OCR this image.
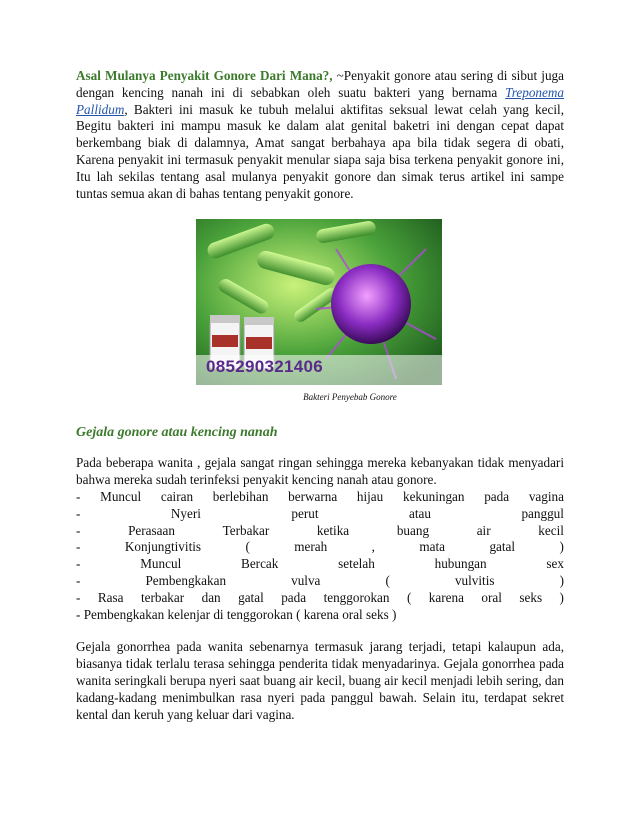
Asal Mulanya Penyakit Gonore Dari Mana?, ~Penyakit gonore atau sering di sibut juga dengan kencing nanah ini di sebabkan oleh suatu bakteri yang bernama Treponema Pallidum, Bakteri ini masuk ke tubuh melalui aktifitas seksual lewat celah yang kecil, Begitu bakteri ini mampu masuk ke dalam alat genital baketri ini dengan cepat dapat berkembang biak di dalamnya, Amat sangat berbahaya apa bila tidak segera di obati, Karena penyakit ini termasuk penyakit menular siapa saja bisa terkena penyakit gonore ini, Itu lah sekilas tentang asal mulanya penyakit gonore dan simak terus artikel ini sampe tuntas semua akan di bahas tentang penyakit gonore.

085290321406
Bakteri Penyebab Gonore
Gejala gonore atau kencing nanah

Pada beberapa wanita , gejala sangat ringan sehingga mereka kebanyakan tidak menyadari bahwa mereka sudah terinfeksi penyakit kencing nanah atau gonore.

- Muncul cairan berlebihan berwarna hijau kekuningan pada vagina
-	Nyeri	perut	atau	panggul
-	Perasaan	Terbakar	ketika	buang	air	kecil
-	Konjungtivitis	(	merah	,	mata	gatal	)
-	Muncul	Bercak	setelah	hubungan	sex
-	Pembengkakan	vulva	(	vulvitis	)
- Rasa terbakar dan gatal pada tenggorokan ( karena oral seks )
- Pembengkakan kelenjar di tenggorokan ( karena oral seks )

Gejala gonorrhea pada wanita sebenarnya termasuk jarang terjadi, tetapi kalaupun ada, biasanya tidak terlalu terasa sehingga penderita tidak menyadarinya. Gejala gonorrhea pada wanita seringkali berupa nyeri saat buang air kecil, buang air kecil menjadi lebih sering, dan kadang-kadang menimbulkan rasa nyeri pada panggul bawah. Selain itu, terdapat sekret kental dan keruh yang keluar dari vagina.
